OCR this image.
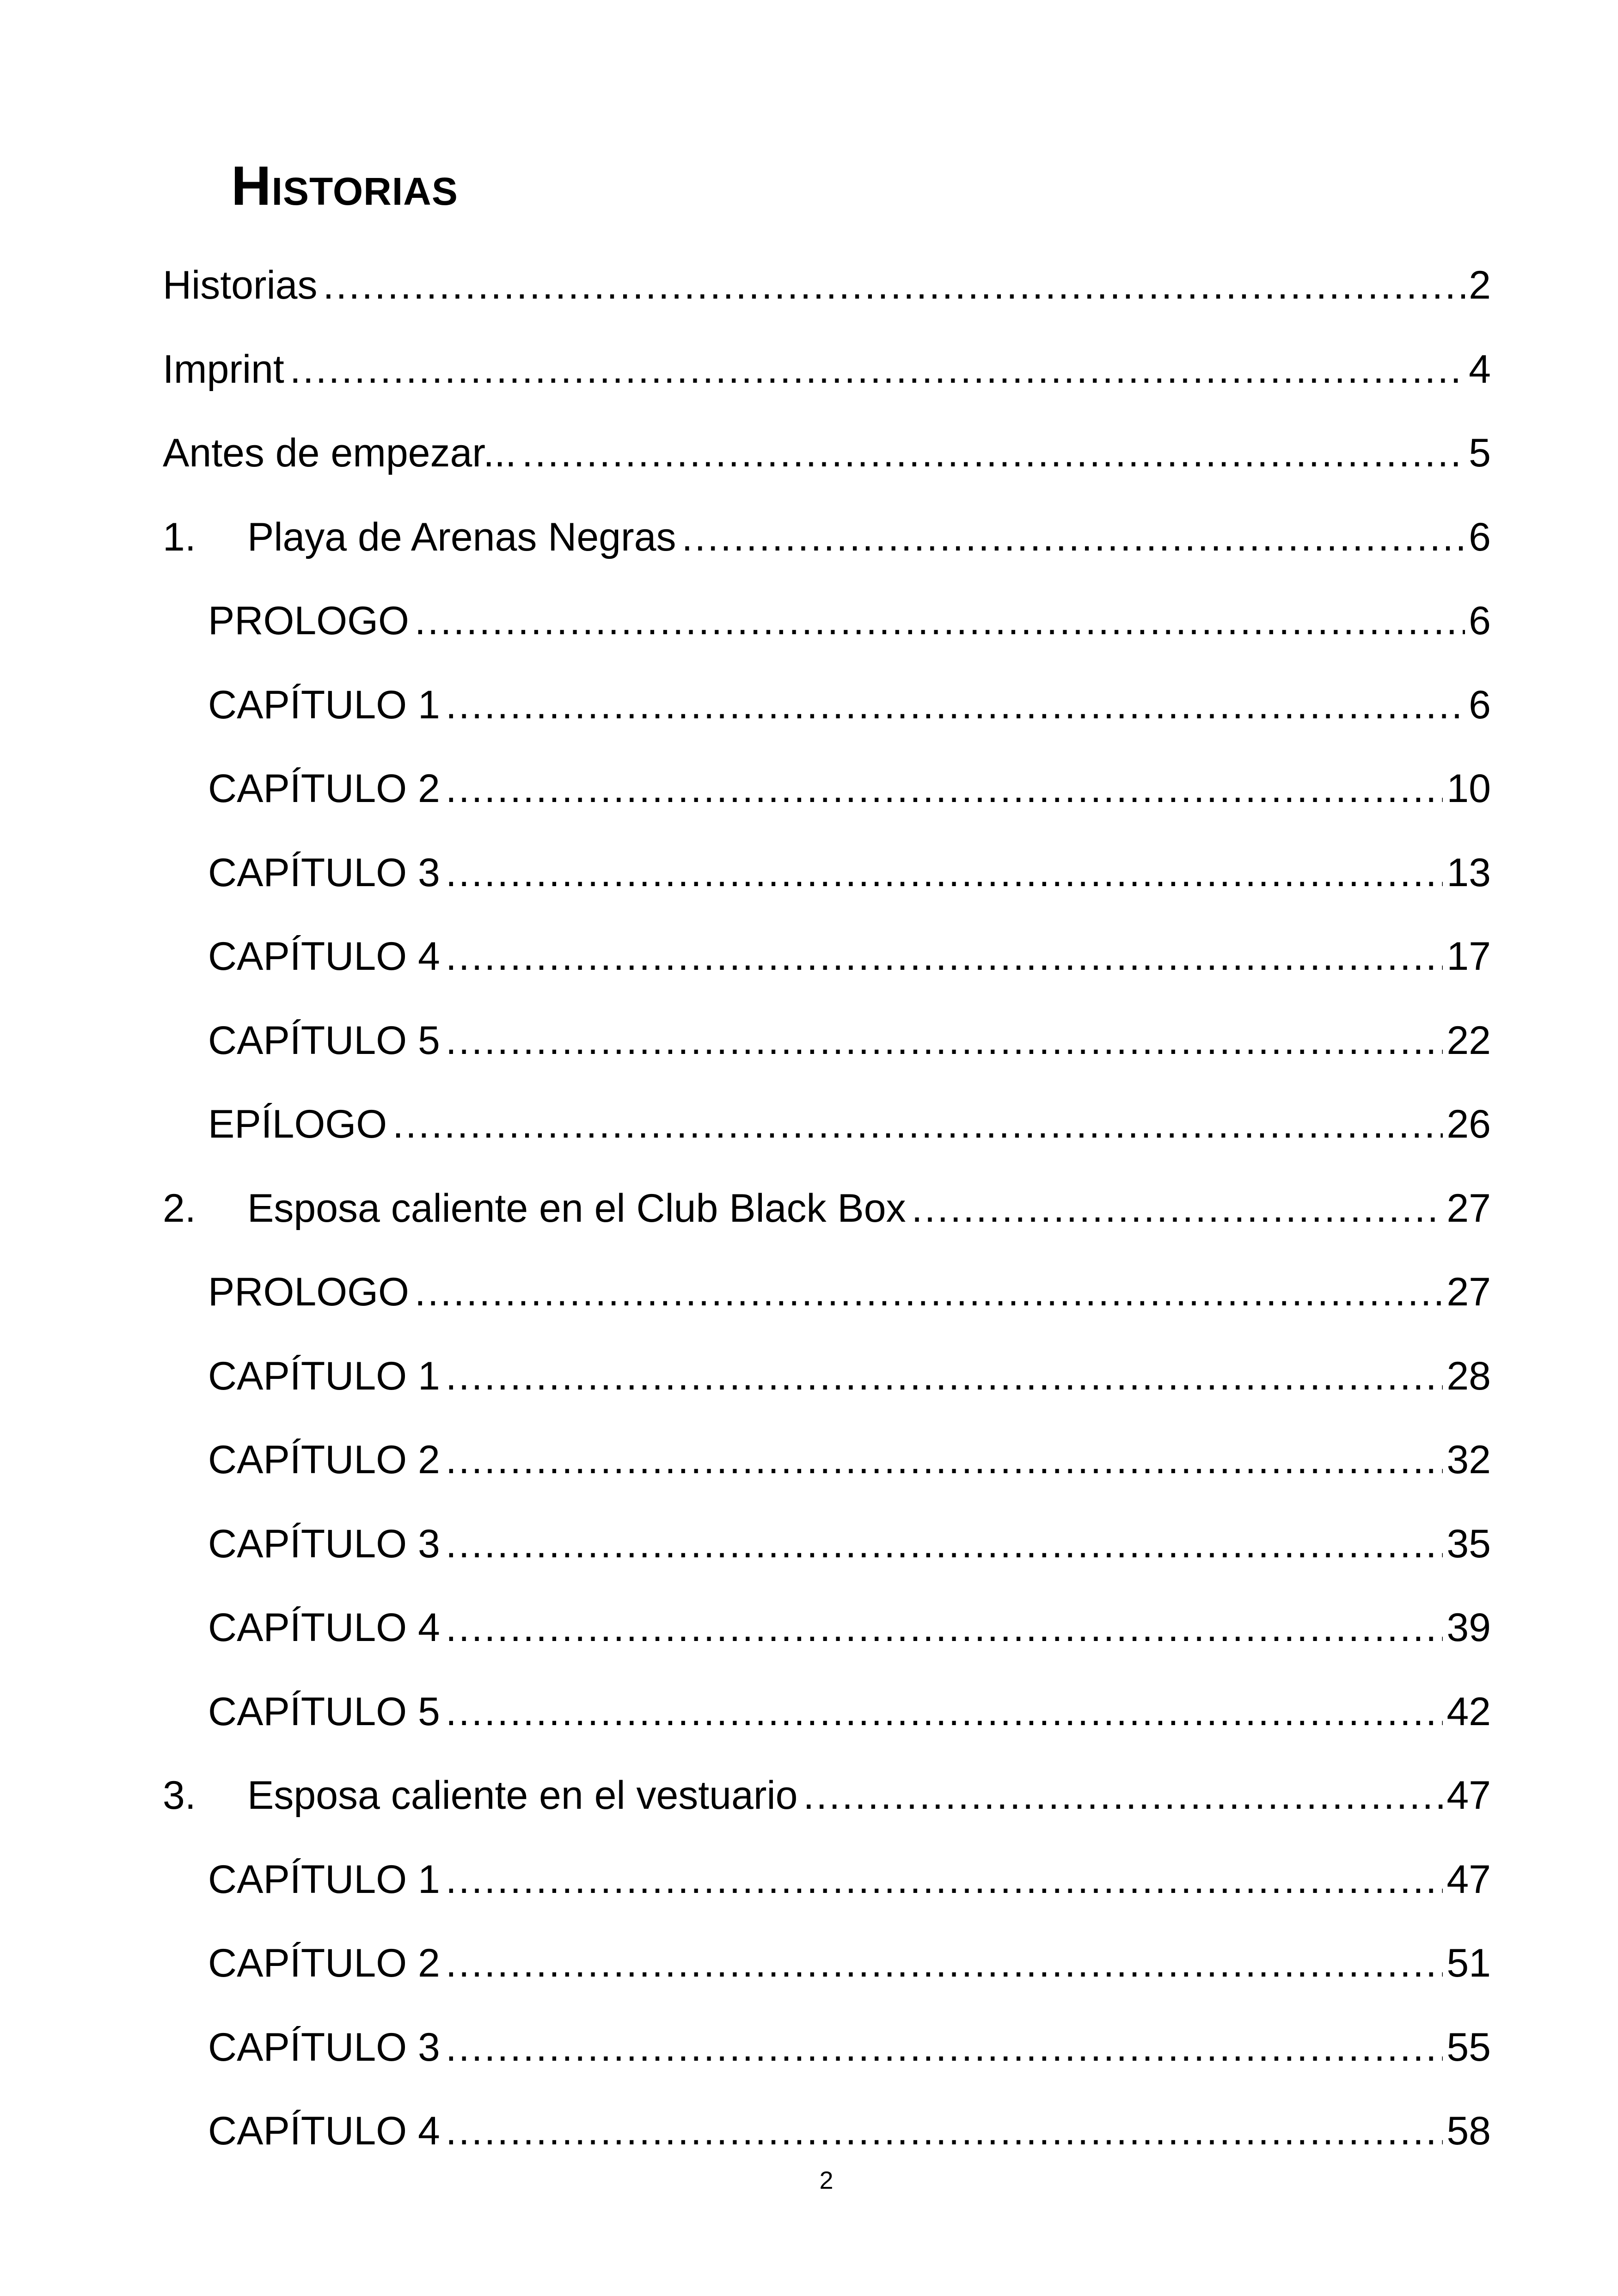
Historias
Historias .....	2
Imprint .....	4
Antes de empezar... .....	5
1.	Playa de Arenas Negras .....	6
PROLOGO .....	6
CAPÍTULO 1 .....	6
CAPÍTULO 2 .....	10
CAPÍTULO 3 .....	13
CAPÍTULO 4 .....	17
CAPÍTULO 5 .....	22
EPÍLOGO .....	26
2.	Esposa caliente en el Club Black Box .....	27
PROLOGO .....	27
CAPÍTULO 1 .....	28
CAPÍTULO 2 .....	32
CAPÍTULO 3 .....	35
CAPÍTULO 4 .....	39
CAPÍTULO 5 .....	42
3.	Esposa caliente en el vestuario .....	47
CAPÍTULO 1 .....	47
CAPÍTULO 2 .....	51
CAPÍTULO 3 .....	55
CAPÍTULO 4 .....	58
2
